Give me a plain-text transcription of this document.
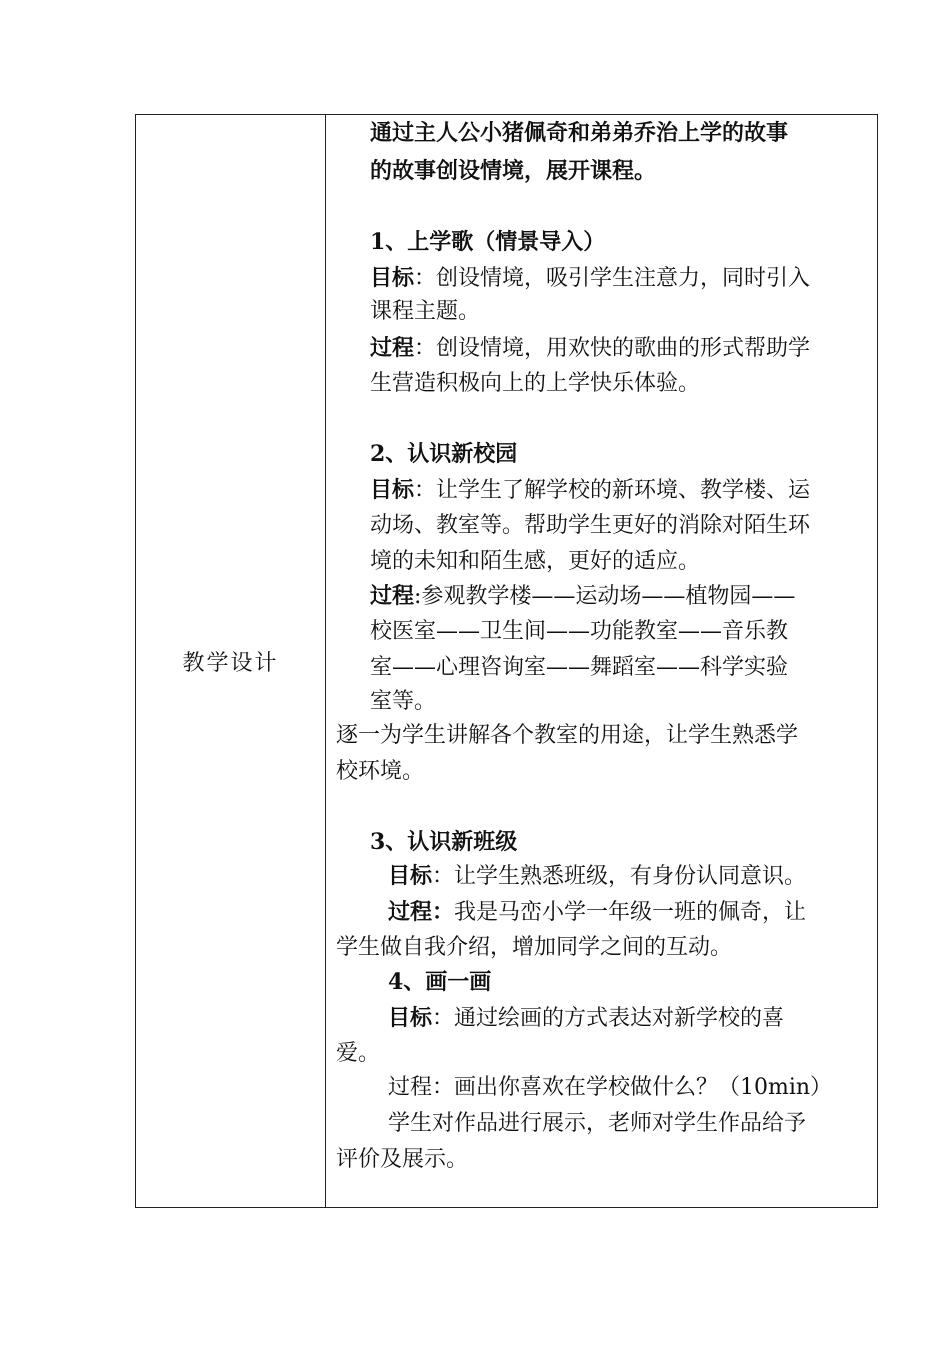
教学设计
通过主人公小猪佩奇和弟弟乔治上学的故事
的故事创设情境，展开课程。
1、上学歌（情景导入）
目标：创设情境，吸引学生注意力，同时引入
课程主题。
过程：创设情境，用欢快的歌曲的形式帮助学
生营造积极向上的上学快乐体验。
2、认识新校园
目标：让学生了解学校的新环境、教学楼、运
动场、教室等。帮助学生更好的消除对陌生环
境的未知和陌生感，更好的适应。
过程:参观教学楼——运动场——植物园——
校医室——卫生间——功能教室——音乐教
室——心理咨询室——舞蹈室——科学实验
室等。
逐一为学生讲解各个教室的用途，让学生熟悉学
校环境。
3、认识新班级
目标：让学生熟悉班级，有身份认同意识。
过程：我是马峦小学一年级一班的佩奇，让
学生做自我介绍，增加同学之间的互动。
4、画一画
目标：通过绘画的方式表达对新学校的喜
爱。
过程：画出你喜欢在学校做什么？（10min）
学生对作品进行展示，老师对学生作品给予
评价及展示。
